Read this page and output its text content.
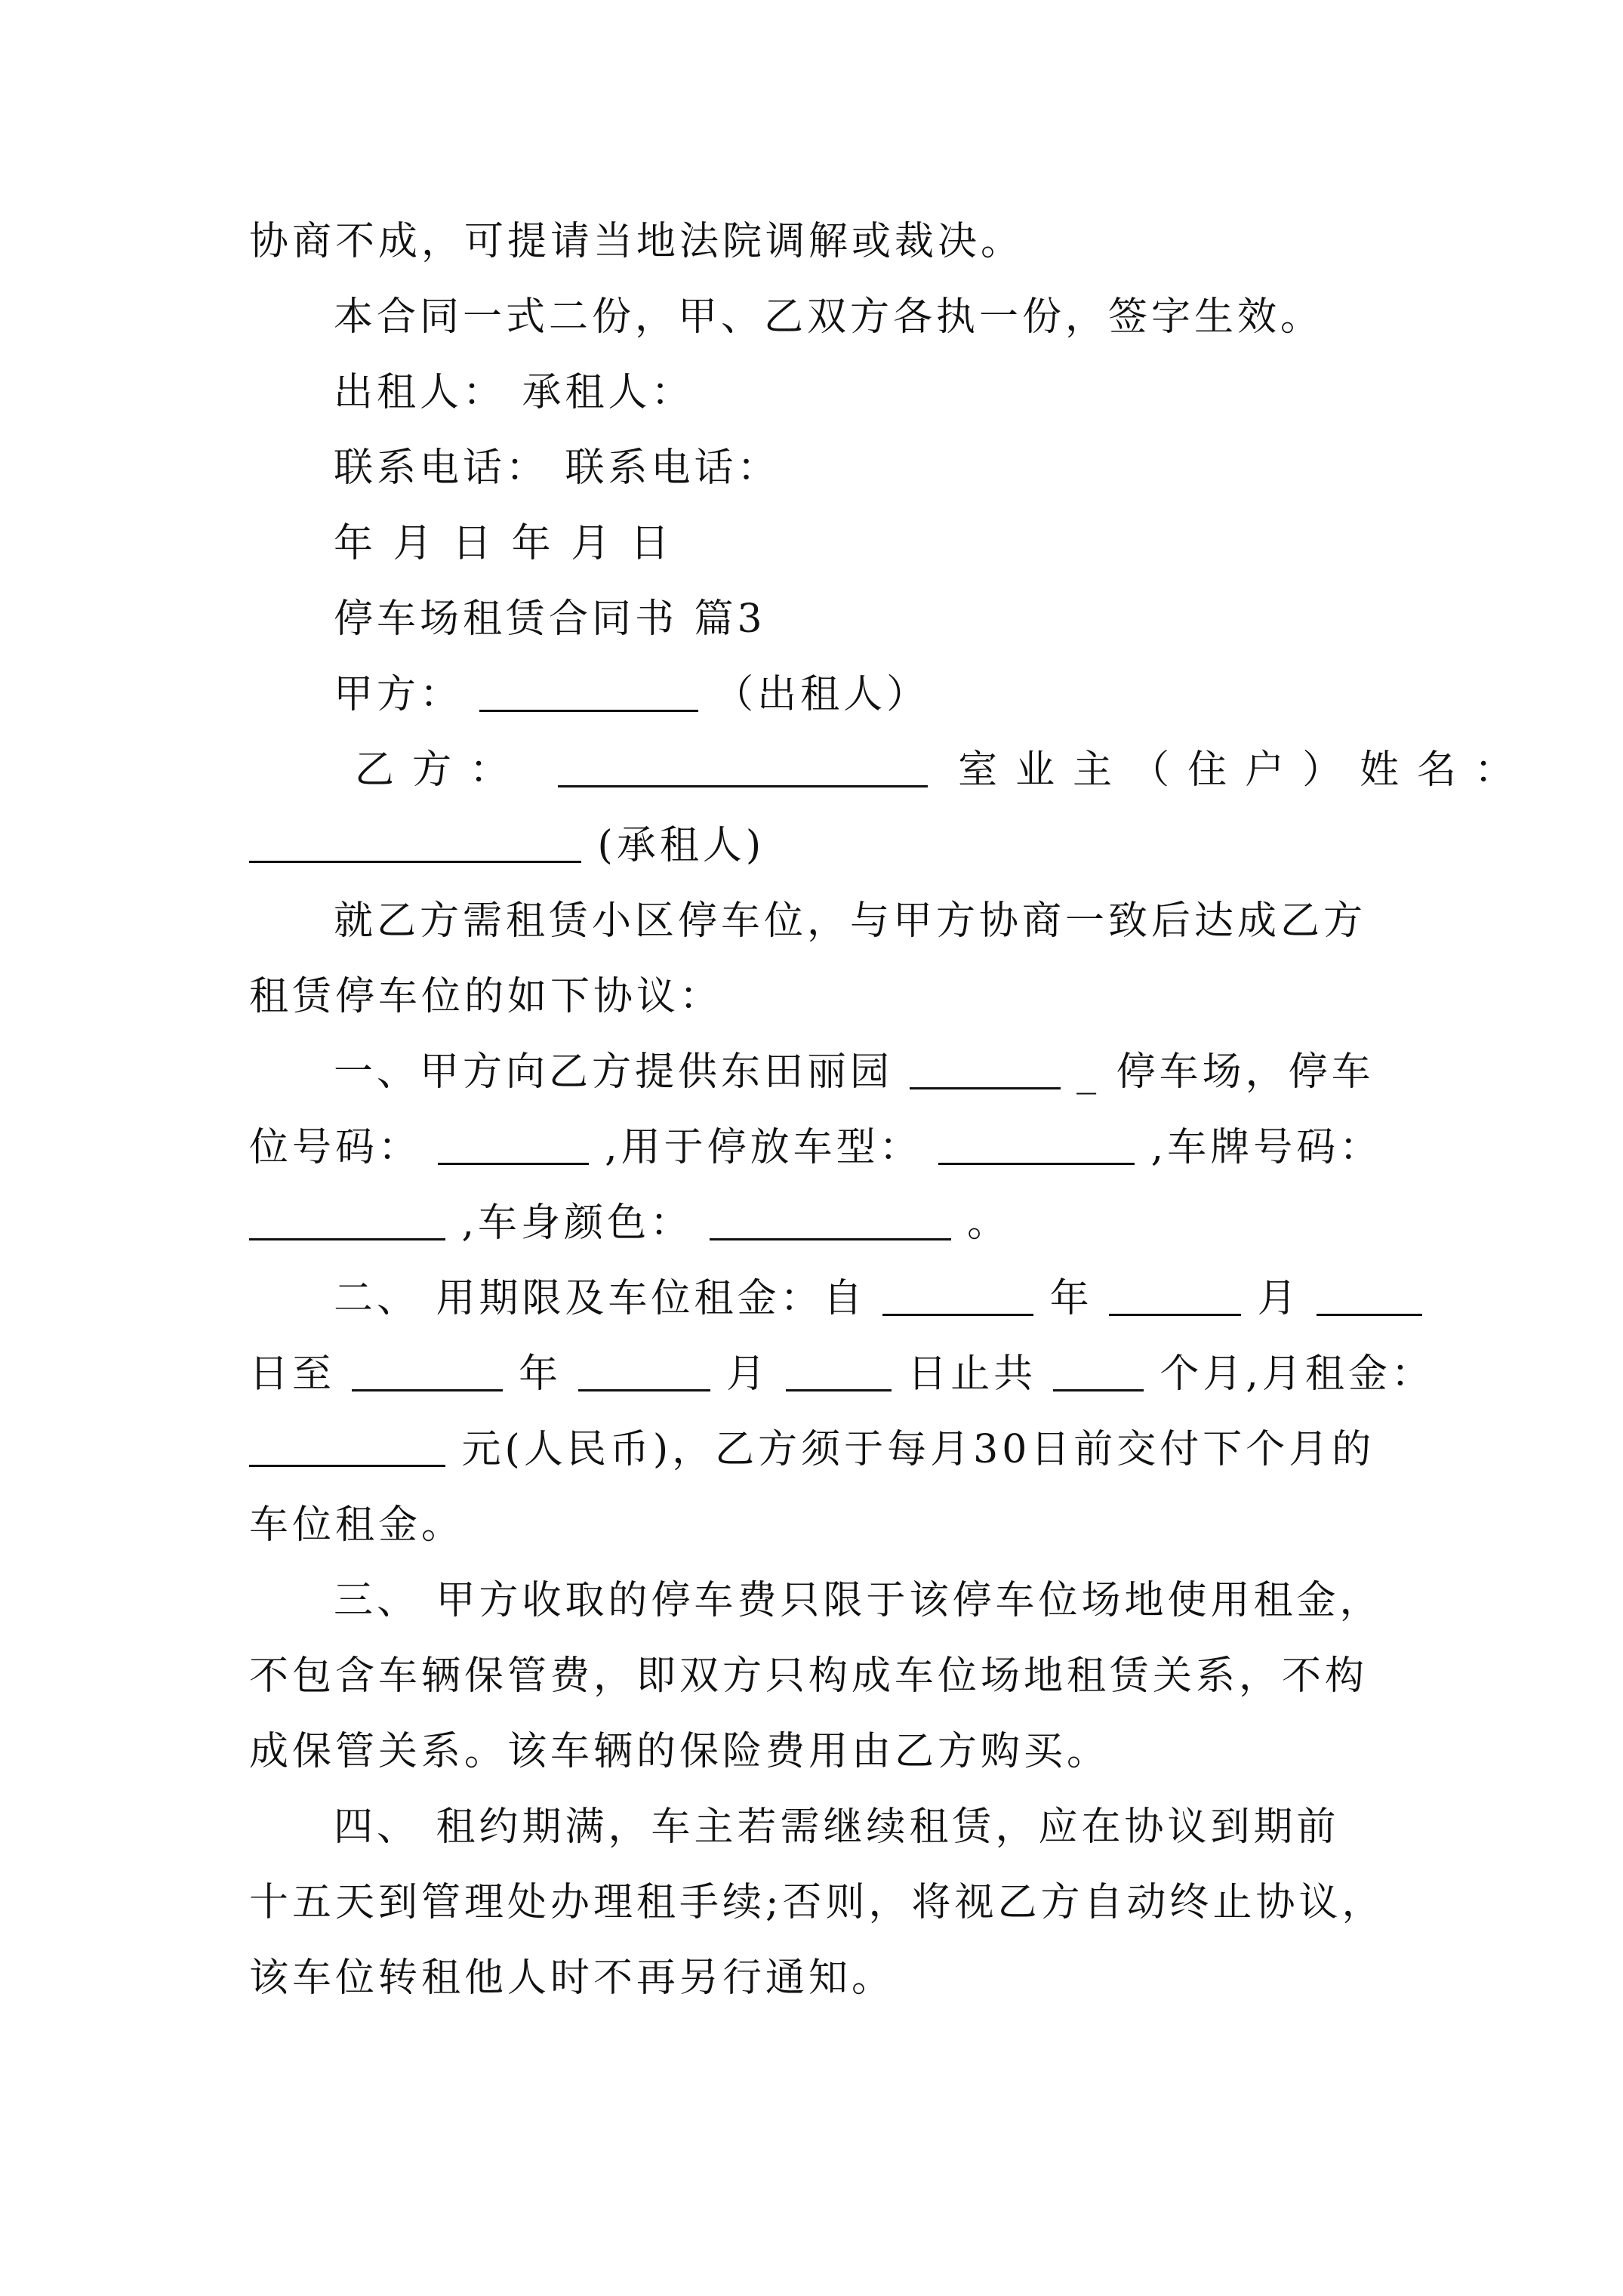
协商不成，可提请当地法院调解或裁决。
本合同一式二份，甲、乙双方各执一份，签字生效。
出租人： 承租人：
联系电话： 联系电话：
年 月 日 年 月 日
停车场租赁合同书 篇3
甲方：	（出租人）
乙方：	室业主（住户）姓名：
(承租人)
就乙方需租赁小区停车位，与甲方协商一致后达成乙方
租赁停车位的如下协议：
一、甲方向乙方提供东田丽园	_ 停车场，停车
位号码：	,用于停放车型：	,车牌号码：
,车身颜色：	。
二、 用期限及车位租金：自	年	月
日至	年	月	日止共	个月,月租金：
元(人民币)，乙方须于每月30日前交付下个月的
车位租金。
三、 甲方收取的停车费只限于该停车位场地使用租金，
不包含车辆保管费，即双方只构成车位场地租赁关系，不构
成保管关系。该车辆的保险费用由乙方购买。
四、 租约期满，车主若需继续租赁，应在协议到期前
十五天到管理处办理租手续;否则，将视乙方自动终止协议，
该车位转租他人时不再另行通知。
